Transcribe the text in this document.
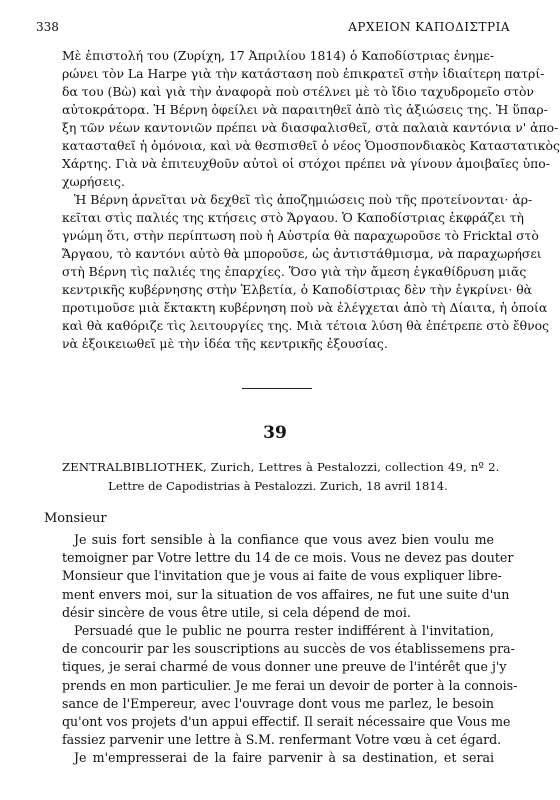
338	ΑΡΧΕΙΟΝ ΚΑΠΟΔΙΣΤΡΙΑ
Μὲ ἐπιστολή του (Ζυρίχη, 17 Ἀπριλίου 1814) ὁ Καποδίστριας ἐνημε-
ρώνει τὸν La Harpe γιὰ τὴν κατάσταση ποὺ ἐπικρατεῖ στὴν ἰδιαίτερη πατρί-
δα του (Βὼ) καὶ γιὰ τὴν ἀναφορὰ ποὺ στέλνει μὲ τὸ ἴδιο ταχυδρομεῖο στὸν
αὐτοκράτορα. Ἡ Βέρνη ὀφείλει νὰ παραιτηθεῖ ἀπὸ τὶς ἀξιώσεις της. Ἡ ὕπαρ-
ξη τῶν νέων καντονιῶν πρέπει νὰ διασφαλισθεῖ, στὰ παλαιὰ καντόνια ν' ἀπο-
κατασταθεῖ ἡ ὁμόνοια, καὶ νὰ θεσπισθεῖ ὁ νέος Ὁμοσπονδιακὸς Καταστατικὸς
Χάρτης. Γιὰ νὰ ἐπιτευχθοῦν αὐτοὶ οἱ στόχοι πρέπει νὰ γίνουν ἀμοιβαῖες ὑπο-
χωρήσεις.
Ἡ Βέρνη ἀρνεῖται νὰ δεχθεῖ τὶς ἀποζημιώσεις ποὺ τῆς προτείνονται· ἀρ-
κεῖται στὶς παλιές της κτήσεις στὸ Ἄργαου. Ὁ Καποδίστριας ἐκφράζει τὴ
γνώμη ὅτι, στὴν περίπτωση ποὺ ἡ Αὐστρία θὰ παραχωροῦσε τὸ Fricktal στὸ
Ἄργαου, τὸ καντόνι αὐτὸ θὰ μποροῦσε, ὡς ἀντιστάθμισμα, νὰ παραχωρήσει
στὴ Βέρνη τὶς παλιές της ἐπαρχίες. Ὅσο γιὰ τὴν ἄμεση ἐγκαθίδρυση μιᾶς
κεντρικῆς κυβέρνησης στὴν Ἑλβετία, ὁ Καποδίστριας δὲν τὴν ἐγκρίνει· θὰ
προτιμοῦσε μιὰ ἔκτακτη κυβέρνηση ποὺ νὰ ἐλέγχεται ἀπὸ τὴ Δίαιτα, ἡ ὁποία
καὶ θὰ καθόριζε τὶς λειτουργίες της. Μιὰ τέτοια λύση θὰ ἐπέτρεπε στὸ ἔθνος
νὰ ἐξοικειωθεῖ μὲ τὴν ἰδέα τῆς κεντρικῆς ἐξουσίας.
39
ZENTRALBIBLIOTHEK, Zurich, Lettres à Pestalozzi, collection 49, nº 2.
Lettre de Capodistrias à Pestalozzi. Zurich, 18 avril 1814.
Monsieur
Je suis fort sensible à la confiance que vous avez bien voulu me
temoigner par Votre lettre du 14 de ce mois. Vous ne devez pas douter
Monsieur que l'invitation que je vous ai faite de vous expliquer libre-
ment envers moi, sur la situation de vos affaires, ne fut une suite d'un
désir sincère de vous être utile, si cela dépend de moi.
Persuadé que le public ne pourra rester indifférent à l'invitation,
de concourir par les souscriptions au succès de vos établissemens pra-
tiques, je serai charmé de vous donner une preuve de l'intérêt que j'y
prends en mon particulier. Je me ferai un devoir de porter à la connois-
sance de l'Empereur, avec l'ouvrage dont vous me parlez, le besoin
qu'ont vos projets d'un appui effectif. Il serait nécessaire que Vous me
fassiez parvenir une lettre à S.M. renfermant Votre vœu à cet égard.
Je m'empresserai de la faire parvenir à sa destination, et serai
